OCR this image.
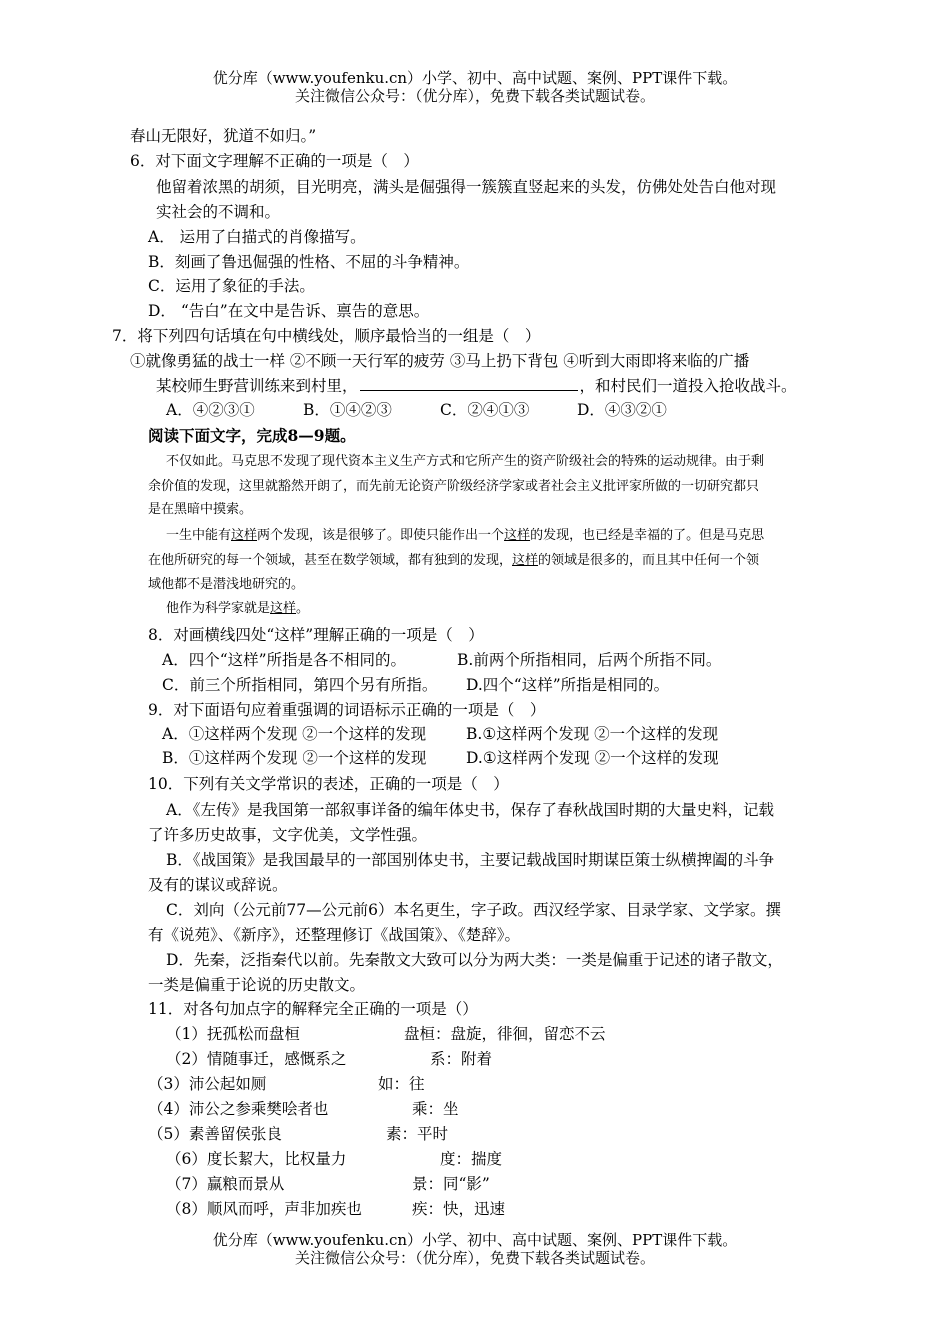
优分库（www.youfenku.cn）小学、初中、高中试题、案例、PPT课件下载。
关注微信公众号：（优分库），免费下载各类试题试卷。
春山无限好，犹道不如归。”
6．对下面文字理解不正确的一项是（　）
他留着浓黑的胡须，目光明亮，满头是倔强得一簇簇直竖起来的头发，仿佛处处告白他对现
实社会的不调和。
A． 运用了白描式的肖像描写。
B．刻画了鲁迅倔强的性格、不屈的斗争精神。
C．运用了象征的手法。
D． “告白”在文中是告诉、禀告的意思。
7．将下列四句话填在句中横线处，顺序最恰当的一组是（　）
①就像勇猛的战士一样 ②不顾一天行军的疲劳 ③马上扔下背包 ④听到大雨即将来临的广播
某校师生野营训练来到村里，	，和村民们一道投入抢收战斗。
A．④②③①	B．①④②③	C．②④①③	D．④③②①
阅读下面文字，完成8—9题。
不仅如此。马克思不发现了现代资本主义生产方式和它所产生的资产阶级社会的特殊的运动规律。由于剩
余价值的发现，这里就豁然开朗了，而先前无论资产阶级经济学家或者社会主义批评家所做的一切研究都只
是在黑暗中摸索。
一生中能有这样两个发现，该是很够了。即使只能作出一个这样的发现，也已经是幸福的了。但是马克思
在他所研究的每一个领域，甚至在数学领域，都有独到的发现，这样的领域是很多的，而且其中任何一个领
域他都不是潜浅地研究的。
他作为科学家就是这样。
8．对画横线四处“这样”理解正确的一项是（　）
A．四个“这样”所指是各不相同的。	B.前两个所指相同，后两个所指不同。
C．前三个所指相同，第四个另有所指。 D.四个“这样”所指是相同的。
9．对下面语句应着重强调的词语标示正确的一项是（　）
A．①这样两个发现 ②一个这样的发现	B.①这样两个发现 ②一个这样的发现
B．①这样两个发现 ②一个这样的发现	D.①这样两个发现 ②一个这样的发现
10．下列有关文学常识的表述，正确的一项是（　）
A．《左传》是我国第一部叙事详备的编年体史书，保存了春秋战国时期的大量史料，记载
了许多历史故事，文字优美，文学性强。
B．《战国策》是我国最早的一部国别体史书，主要记载战国时期谋臣策士纵横捭阖的斗争
及有的谋议或辞说。
C．刘向（公元前77—公元前6）本名更生，字子政。西汉经学家、目录学家、文学家。撰
有《说苑》、《新序》，还整理修订《战国策》、《楚辞》。
D．先秦，泛指秦代以前。先秦散文大致可以分为两大类：一类是偏重于记述的诸子散文，
一类是偏重于论说的历史散文。
11．对各句加点字的解释完全正确的一项是（）
（1）抚孤松而盘桓	盘桓：盘旋，徘徊，留恋不云
（2）情随事迁，感慨系之	系：附着
（3）沛公起如厕	如：往
（4）沛公之参乘樊哙者也	乘：坐
（5）素善留侯张良	素：平时
（6）度长絜大，比权量力	度：揣度
（7）赢粮而景从	景：同“影”
（8）顺风而呼，声非加疾也	疾：快，迅速
优分库（www.youfenku.cn）小学、初中、高中试题、案例、PPT课件下载。
关注微信公众号：（优分库），免费下载各类试题试卷。
